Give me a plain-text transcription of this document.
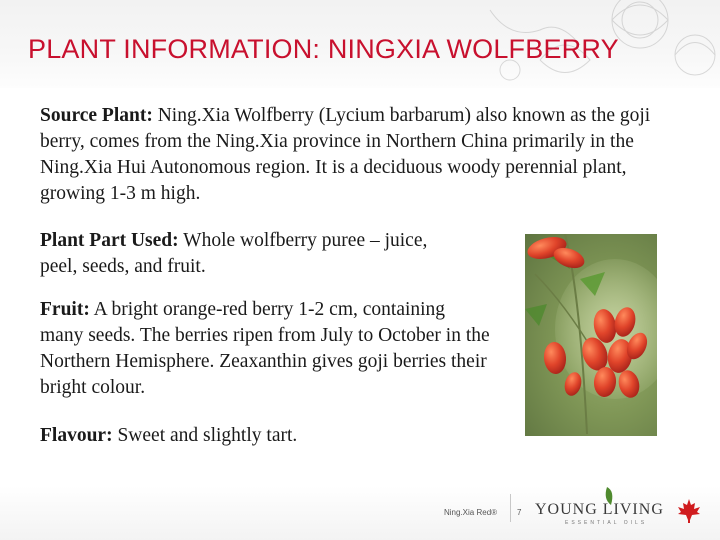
PLANT INFORMATION: NINGXIA WOLFBERRY

Source Plant: Ning.Xia Wolfberry (Lycium barbarum) also known as the goji berry, comes from the Ning.Xia province in Northern China primarily in the Ning.Xia Hui Autonomous region. It is a deciduous woody perennial plant, growing 1-3 m high.

Plant Part Used: Whole wolfberry puree – juice, peel, seeds, and fruit.

Fruit: A bright orange-red berry 1-2 cm, containing many seeds. The berries ripen from July to October in the Northern Hemisphere. Zeaxanthin gives goji berries their bright colour.

Flavour: Sweet and slightly tart.

Ning.Xia Red® 7 YOUNG LIVING
ESSENTIAL OILS
